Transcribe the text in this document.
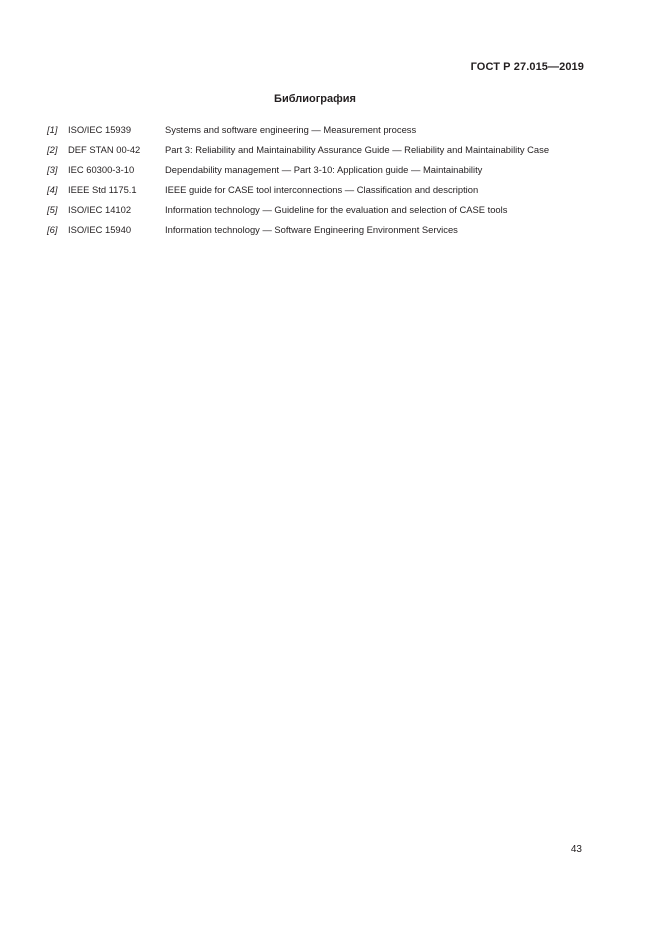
ГОСТ Р 27.015—2019
Библиография
[1]	ISO/IEC 15939	Systems and software engineering — Measurement process
[2]	DEF STAN 00-42	Part 3: Reliability and Maintainability Assurance Guide — Reliability and Maintainability Case
[3]	IEC 60300-3-10	Dependability management — Part 3-10: Application guide — Maintainability
[4]	IEEE Std 1175.1	IEEE guide for CASE tool interconnections — Classification and description
[5]	ISO/IEC 14102	Information technology — Guideline for the evaluation and selection of CASE tools
[6]	ISO/IEC 15940	Information technology — Software Engineering Environment Services
43
